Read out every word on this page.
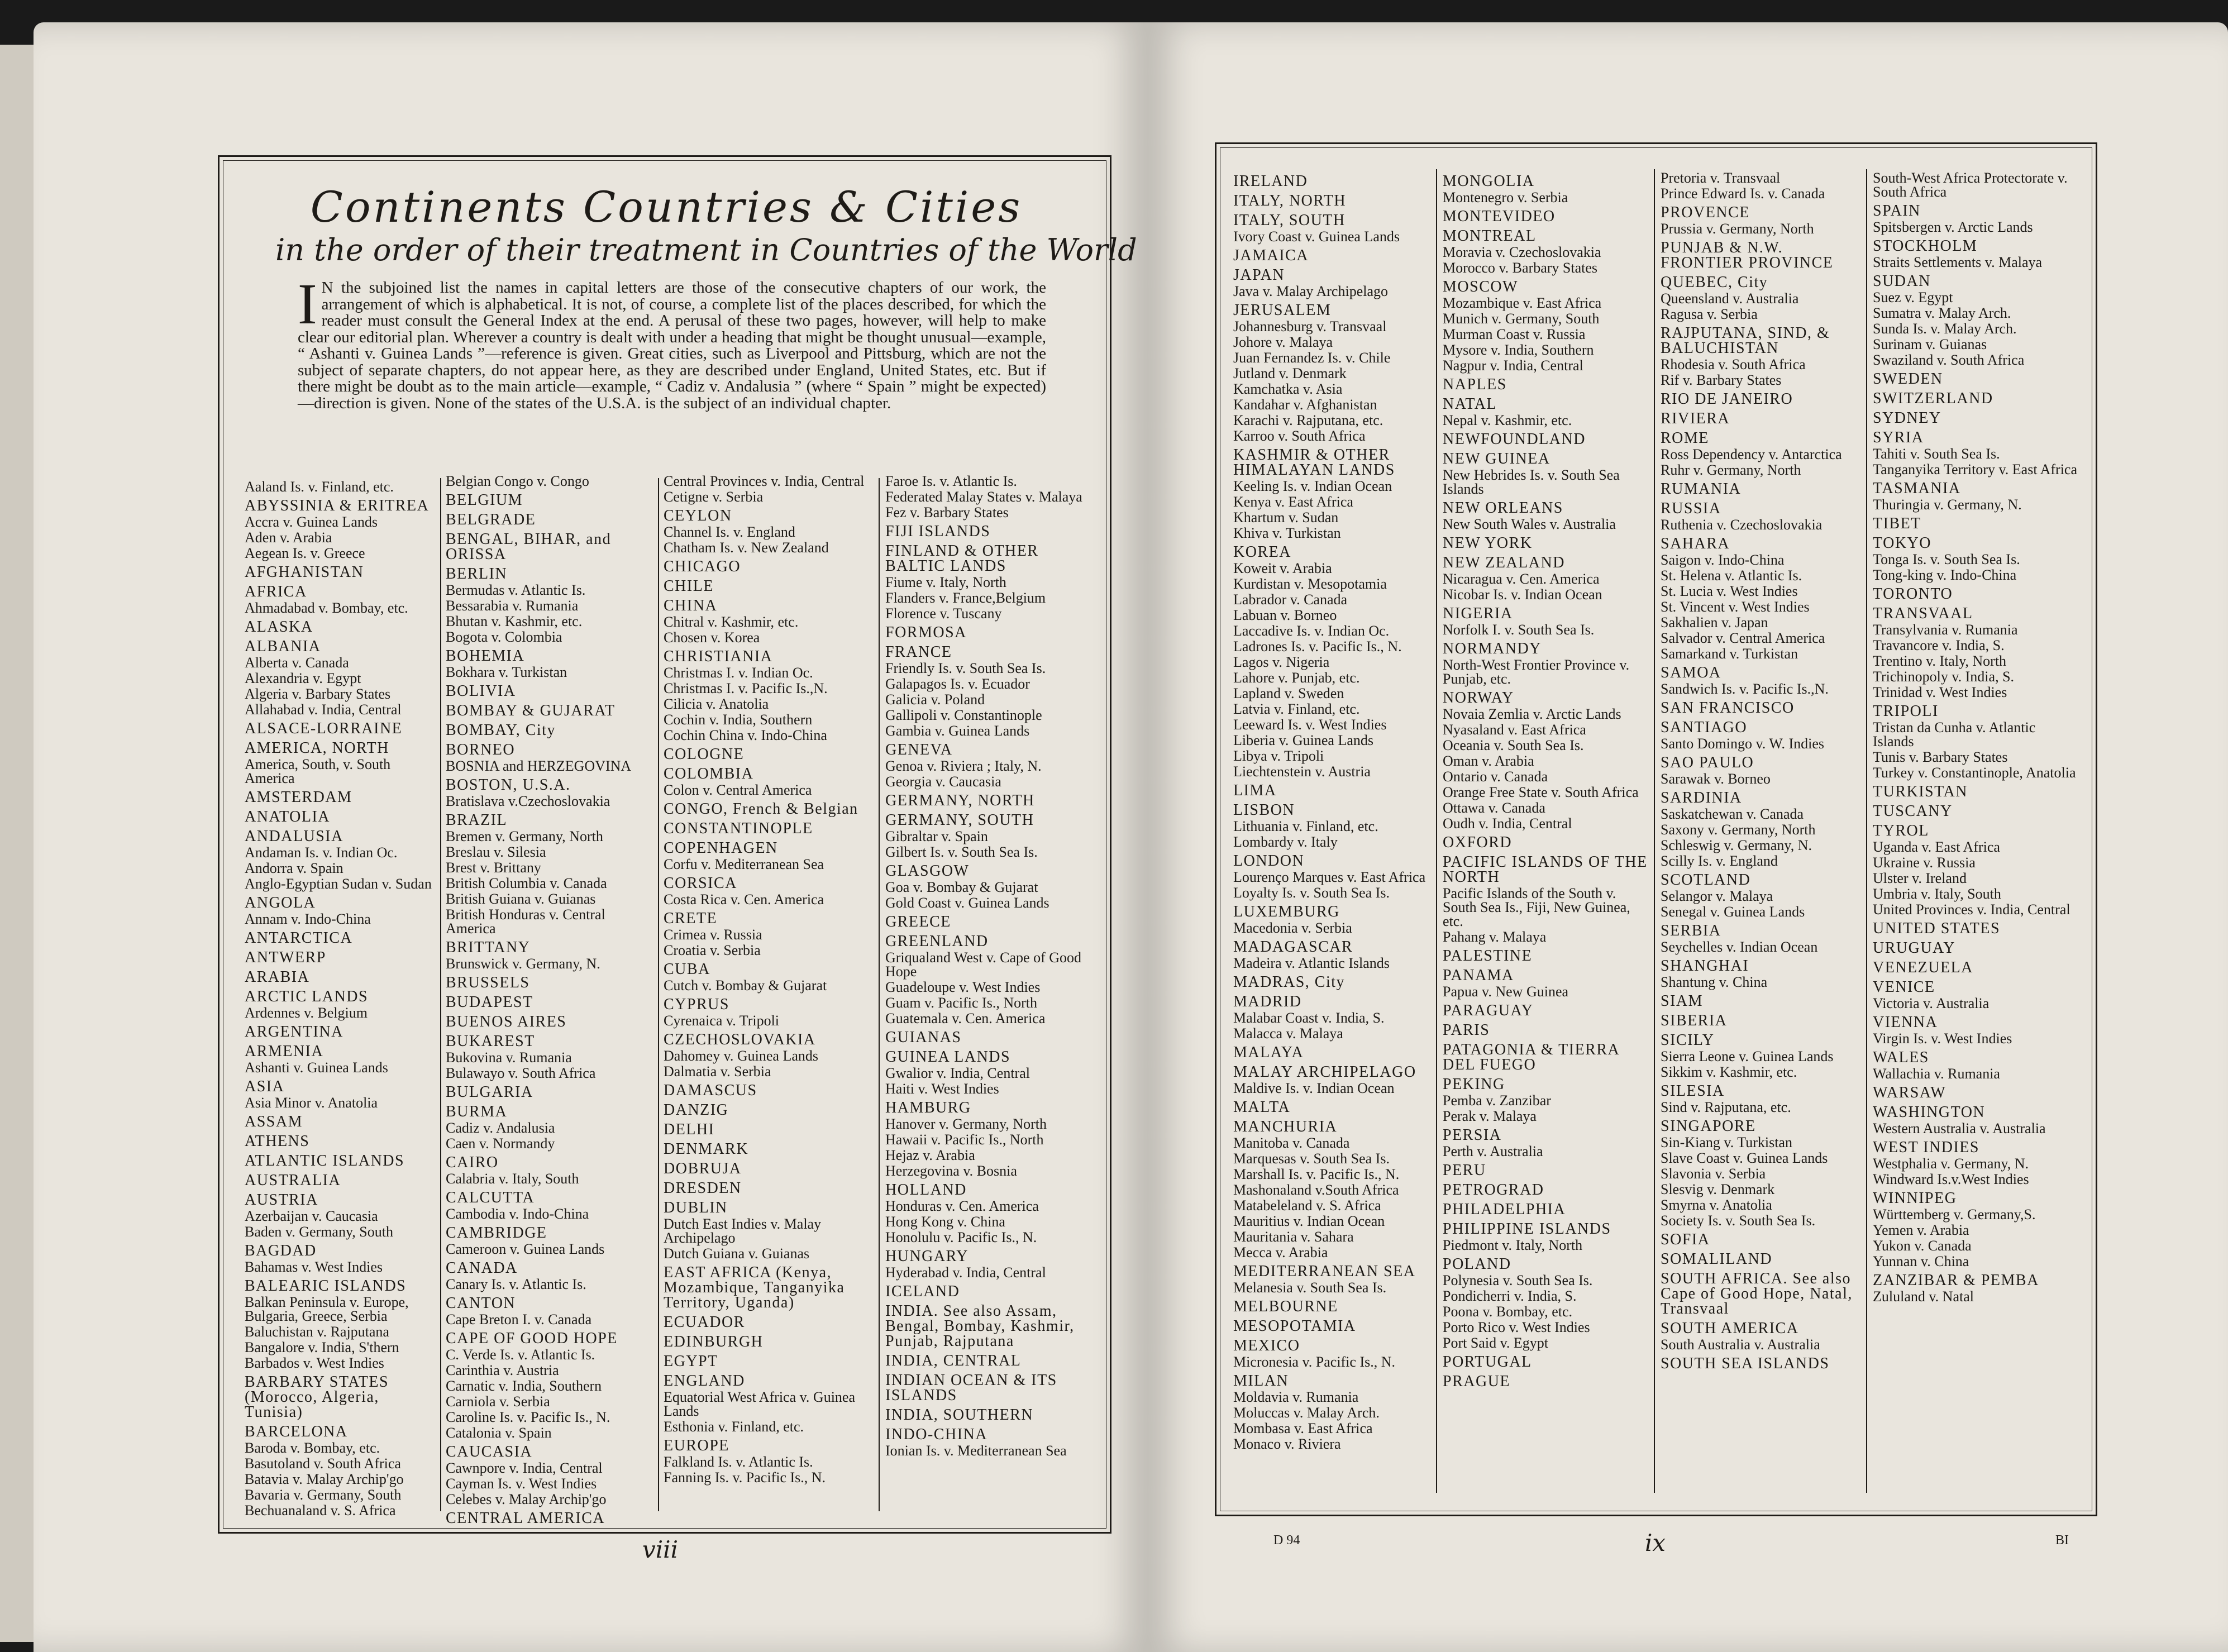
Continents Countries & Cities
in the order of their treatment in Countries of the World
I N the subjoined list the names in capital letters are those of the consecutive chapters of our work, the arrangement of which is alphabetical. It is not, of course, a complete list of the places described, for which the reader must consult the General Index at the end. A perusal of these two pages, however, will help to make clear our editorial plan. Wherever a country is dealt with under a heading that might be thought unusual—example, “ Ashanti v. Guinea Lands ”—reference is given. Great cities, such as Liverpool and Pittsburg, which are not the subject of separate chapters, do not appear here, as they are described under England, United States, etc. But if there might be doubt as to the main article—example, “ Cadiz v. Andalusia ” (where “ Spain ” might be expected)—direction is given. None of the states of the U.S.A. is the subject of an individual chapter.
Aaland Is. v. Finland, etc.
ABYSSINIA & ERITREA
Accra v. Guinea Lands
Aden v. Arabia
Aegean Is. v. Greece
AFGHANISTAN
AFRICA
Ahmadabad v. Bombay, etc.
ALASKA
ALBANIA
Alberta v. Canada
Alexandria v. Egypt
Algeria v. Barbary States
Allahabad v. India, Central
ALSACE-LORRAINE
AMERICA, NORTH
America, South, v. South America
AMSTERDAM
ANATOLIA
ANDALUSIA
Andaman Is. v. Indian Oc.
Andorra v. Spain
Anglo-Egyptian Sudan v. Sudan
ANGOLA
Annam v. Indo-China
ANTARCTICA
ANTWERP
ARABIA
ARCTIC LANDS
Ardennes v. Belgium
ARGENTINA
ARMENIA
Ashanti v. Guinea Lands
ASIA
Asia Minor v. Anatolia
ASSAM
ATHENS
ATLANTIC ISLANDS
AUSTRALIA
AUSTRIA
Azerbaijan v. Caucasia
Baden v. Germany, South
BAGDAD
Bahamas v. West Indies
BALEARIC ISLANDS
Balkan Peninsula v. Europe, Bulgaria, Greece, Serbia
Baluchistan v. Rajputana
Bangalore v. India, S'thern
Barbados v. West Indies
BARBARY STATES (Morocco, Algeria, Tunisia)
BARCELONA
Baroda v. Bombay, etc.
Basutoland v. South Africa
Batavia v. Malay Archip'go
Bavaria v. Germany, South
Bechuanaland v. S. Africa
Belgian Congo v. Congo
BELGIUM
BELGRADE
BENGAL, BIHAR, and ORISSA
BERLIN
Bermudas v. Atlantic Is.
Bessarabia v. Rumania
Bhutan v. Kashmir, etc.
Bogota v. Colombia
BOHEMIA
Bokhara v. Turkistan
BOLIVIA
BOMBAY & GUJARAT
BOMBAY, City
BORNEO
BOSNIA and HERZEGOVINA
BOSTON, U.S.A.
Bratislava v.Czechoslovakia
BRAZIL
Bremen v. Germany, North
Breslau v. Silesia
Brest v. Brittany
British Columbia v. Canada
British Guiana v. Guianas
British Honduras v. Central America
BRITTANY
Brunswick v. Germany, N.
BRUSSELS
BUDAPEST
BUENOS AIRES
BUKAREST
Bukovina v. Rumania
Bulawayo v. South Africa
BULGARIA
BURMA
Cadiz v. Andalusia
Caen v. Normandy
CAIRO
Calabria v. Italy, South
CALCUTTA
Cambodia v. Indo-China
CAMBRIDGE
Cameroon v. Guinea Lands
CANADA
Canary Is. v. Atlantic Is.
CANTON
Cape Breton I. v. Canada
CAPE OF GOOD HOPE
C. Verde Is. v. Atlantic Is.
Carinthia v. Austria
Carnatic v. India, Southern
Carniola v. Serbia
Caroline Is. v. Pacific Is., N.
Catalonia v. Spain
CAUCASIA
Cawnpore v. India, Central
Cayman Is. v. West Indies
Celebes v. Malay Archip'go
CENTRAL AMERICA
Central Provinces v. India, Central
Cetigne v. Serbia
CEYLON
Channel Is. v. England
Chatham Is. v. New Zealand
CHICAGO
CHILE
CHINA
Chitral v. Kashmir, etc.
Chosen v. Korea
CHRISTIANIA
Christmas I. v. Indian Oc.
Christmas I. v. Pacific Is.,N.
Cilicia v. Anatolia
Cochin v. India, Southern
Cochin China v. Indo-China
COLOGNE
COLOMBIA
Colon v. Central America
CONGO, French & Belgian
CONSTANTINOPLE
COPENHAGEN
Corfu v. Mediterranean Sea
CORSICA
Costa Rica v. Cen. America
CRETE
Crimea v. Russia
Croatia v. Serbia
CUBA
Cutch v. Bombay & Gujarat
CYPRUS
Cyrenaica v. Tripoli
CZECHOSLOVAKIA
Dahomey v. Guinea Lands
Dalmatia v. Serbia
DAMASCUS
DANZIG
DELHI
DENMARK
DOBRUJA
DRESDEN
DUBLIN
Dutch East Indies v. Malay Archipelago
Dutch Guiana v. Guianas
EAST AFRICA (Kenya, Mozambique, Tanganyika Territory, Uganda)
ECUADOR
EDINBURGH
EGYPT
ENGLAND
Equatorial West Africa v. Guinea Lands
Esthonia v. Finland, etc.
EUROPE
Falkland Is. v. Atlantic Is.
Fanning Is. v. Pacific Is., N.
Faroe Is. v. Atlantic Is.
Federated Malay States v. Malaya
Fez v. Barbary States
FIJI ISLANDS
FINLAND & OTHER BALTIC LANDS
Fiume v. Italy, North
Flanders v. France,Belgium
Florence v. Tuscany
FORMOSA
FRANCE
Friendly Is. v. South Sea Is.
Galapagos Is. v. Ecuador
Galicia v. Poland
Gallipoli v. Constantinople
Gambia v. Guinea Lands
GENEVA
Genoa v. Riviera ; Italy, N.
Georgia v. Caucasia
GERMANY, NORTH
GERMANY, SOUTH
Gibraltar v. Spain
Gilbert Is. v. South Sea Is.
GLASGOW
Goa v. Bombay & Gujarat
Gold Coast v. Guinea Lands
GREECE
GREENLAND
Griqualand West v. Cape of Good Hope
Guadeloupe v. West Indies
Guam v. Pacific Is., North
Guatemala v. Cen. America
GUIANAS
GUINEA LANDS
Gwalior v. India, Central
Haiti v. West Indies
HAMBURG
Hanover v. Germany, North
Hawaii v. Pacific Is., North
Hejaz v. Arabia
Herzegovina v. Bosnia
HOLLAND
Honduras v. Cen. America
Hong Kong v. China
Honolulu v. Pacific Is., N.
HUNGARY
Hyderabad v. India, Central
ICELAND
INDIA. See also Assam, Bengal, Bombay, Kashmir, Punjab, Rajputana
INDIA, CENTRAL
INDIAN OCEAN & ITS ISLANDS
INDIA, SOUTHERN
INDO-CHINA
Ionian Is. v. Mediterranean Sea
IRELAND
ITALY, NORTH
ITALY, SOUTH
Ivory Coast v. Guinea Lands
JAMAICA
JAPAN
Java v. Malay Archipelago
JERUSALEM
Johannesburg v. Transvaal
Johore v. Malaya
Juan Fernandez Is. v. Chile
Jutland v. Denmark
Kamchatka v. Asia
Kandahar v. Afghanistan
Karachi v. Rajputana, etc.
Karroo v. South Africa
KASHMIR & OTHER HIMALAYAN LANDS
Keeling Is. v. Indian Ocean
Kenya v. East Africa
Khartum v. Sudan
Khiva v. Turkistan
KOREA
Koweit v. Arabia
Kurdistan v. Mesopotamia
Labrador v. Canada
Labuan v. Borneo
Laccadive Is. v. Indian Oc.
Ladrones Is. v. Pacific Is., N.
Lagos v. Nigeria
Lahore v. Punjab, etc.
Lapland v. Sweden
Latvia v. Finland, etc.
Leeward Is. v. West Indies
Liberia v. Guinea Lands
Libya v. Tripoli
Liechtenstein v. Austria
LIMA
LISBON
Lithuania v. Finland, etc.
Lombardy v. Italy
LONDON
Lourenço Marques v. East Africa
Loyalty Is. v. South Sea Is.
LUXEMBURG
Macedonia v. Serbia
MADAGASCAR
Madeira v. Atlantic Islands
MADRAS, City
MADRID
Malabar Coast v. India, S.
Malacca v. Malaya
MALAYA
MALAY ARCHIPELAGO
Maldive Is. v. Indian Ocean
MALTA
MANCHURIA
Manitoba v. Canada
Marquesas v. South Sea Is.
Marshall Is. v. Pacific Is., N.
Mashonaland v.South Africa
Matabeleland v. S. Africa
Mauritius v. Indian Ocean
Mauritania v. Sahara
Mecca v. Arabia
MEDITERRANEAN SEA
Melanesia v. South Sea Is.
MELBOURNE
MESOPOTAMIA
MEXICO
Micronesia v. Pacific Is., N.
MILAN
Moldavia v. Rumania
Moluccas v. Malay Arch.
Mombasa v. East Africa
Monaco v. Riviera
MONGOLIA
Montenegro v. Serbia
MONTEVIDEO
MONTREAL
Moravia v. Czechoslovakia
Morocco v. Barbary States
MOSCOW
Mozambique v. East Africa
Munich v. Germany, South
Murman Coast v. Russia
Mysore v. India, Southern
Nagpur v. India, Central
NAPLES
NATAL
Nepal v. Kashmir, etc.
NEWFOUNDLAND
NEW GUINEA
New Hebrides Is. v. South Sea Islands
NEW ORLEANS
New South Wales v. Australia
NEW YORK
NEW ZEALAND
Nicaragua v. Cen. America
Nicobar Is. v. Indian Ocean
NIGERIA
Norfolk I. v. South Sea Is.
NORMANDY
North-West Frontier Province v. Punjab, etc.
NORWAY
Novaia Zemlia v. Arctic Lands
Nyasaland v. East Africa
Oceania v. South Sea Is.
Oman v. Arabia
Ontario v. Canada
Orange Free State v. South Africa
Ottawa v. Canada
Oudh v. India, Central
OXFORD
PACIFIC ISLANDS OF THE NORTH
Pacific Islands of the South v. South Sea Is., Fiji, New Guinea, etc.
Pahang v. Malaya
PALESTINE
PANAMA
Papua v. New Guinea
PARAGUAY
PARIS
PATAGONIA & TIERRA DEL FUEGO
PEKING
Pemba v. Zanzibar
Perak v. Malaya
PERSIA
Perth v. Australia
PERU
PETROGRAD
PHILADELPHIA
PHILIPPINE ISLANDS
Piedmont v. Italy, North
POLAND
Polynesia v. South Sea Is.
Pondicherri v. India, S.
Poona v. Bombay, etc.
Porto Rico v. West Indies
Port Said v. Egypt
PORTUGAL
PRAGUE
Pretoria v. Transvaal
Prince Edward Is. v. Canada
PROVENCE
Prussia v. Germany, North
PUNJAB & N.W. FRONTIER PROVINCE
QUEBEC, City
Queensland v. Australia
Ragusa v. Serbia
RAJPUTANA, SIND, & BALUCHISTAN
Rhodesia v. South Africa
Rif v. Barbary States
RIO DE JANEIRO
RIVIERA
ROME
Ross Dependency v. Antarctica
Ruhr v. Germany, North
RUMANIA
RUSSIA
Ruthenia v. Czechoslovakia
SAHARA
Saigon v. Indo-China
St. Helena v. Atlantic Is.
St. Lucia v. West Indies
St. Vincent v. West Indies
Sakhalien v. Japan
Salvador v. Central America
Samarkand v. Turkistan
SAMOA
Sandwich Is. v. Pacific Is.,N.
SAN FRANCISCO
SANTIAGO
Santo Domingo v. W. Indies
SAO PAULO
Sarawak v. Borneo
SARDINIA
Saskatchewan v. Canada
Saxony v. Germany, North
Schleswig v. Germany, N.
Scilly Is. v. England
SCOTLAND
Selangor v. Malaya
Senegal v. Guinea Lands
SERBIA
Seychelles v. Indian Ocean
SHANGHAI
Shantung v. China
SIAM
SIBERIA
SICILY
Sierra Leone v. Guinea Lands
Sikkim v. Kashmir, etc.
SILESIA
Sind v. Rajputana, etc.
SINGAPORE
Sin-Kiang v. Turkistan
Slave Coast v. Guinea Lands
Slavonia v. Serbia
Slesvig v. Denmark
Smyrna v. Anatolia
Society Is. v. South Sea Is.
SOFIA
SOMALILAND
SOUTH AFRICA. See also Cape of Good Hope, Natal, Transvaal
SOUTH AMERICA
South Australia v. Australia
SOUTH SEA ISLANDS
South-West Africa Protectorate v. South Africa
SPAIN
Spitsbergen v. Arctic Lands
STOCKHOLM
Straits Settlements v. Malaya
SUDAN
Suez v. Egypt
Sumatra v. Malay Arch.
Sunda Is. v. Malay Arch.
Surinam v. Guianas
Swaziland v. South Africa
SWEDEN
SWITZERLAND
SYDNEY
SYRIA
Tahiti v. South Sea Is.
Tanganyika Territory v. East Africa
TASMANIA
Thuringia v. Germany, N.
TIBET
TOKYO
Tonga Is. v. South Sea Is.
Tong-king v. Indo-China
TORONTO
TRANSVAAL
Transylvania v. Rumania
Travancore v. India, S.
Trentino v. Italy, North
Trichinopoly v. India, S.
Trinidad v. West Indies
TRIPOLI
Tristan da Cunha v. Atlantic Islands
Tunis v. Barbary States
Turkey v. Constantinople, Anatolia
TURKISTAN
TUSCANY
TYROL
Uganda v. East Africa
Ukraine v. Russia
Ulster v. Ireland
Umbria v. Italy, South
United Provinces v. India, Central
UNITED STATES
URUGUAY
VENEZUELA
VENICE
Victoria v. Australia
VIENNA
Virgin Is. v. West Indies
WALES
Wallachia v. Rumania
WARSAW
WASHINGTON
Western Australia v. Australia
WEST INDIES
Westphalia v. Germany, N.
Windward Is.v.West Indies
WINNIPEG
Württemberg v. Germany,S.
Yemen v. Arabia
Yukon v. Canada
Yunnan v. China
ZANZIBAR & PEMBA
Zululand v. Natal
viii	ix
D 94	BI
